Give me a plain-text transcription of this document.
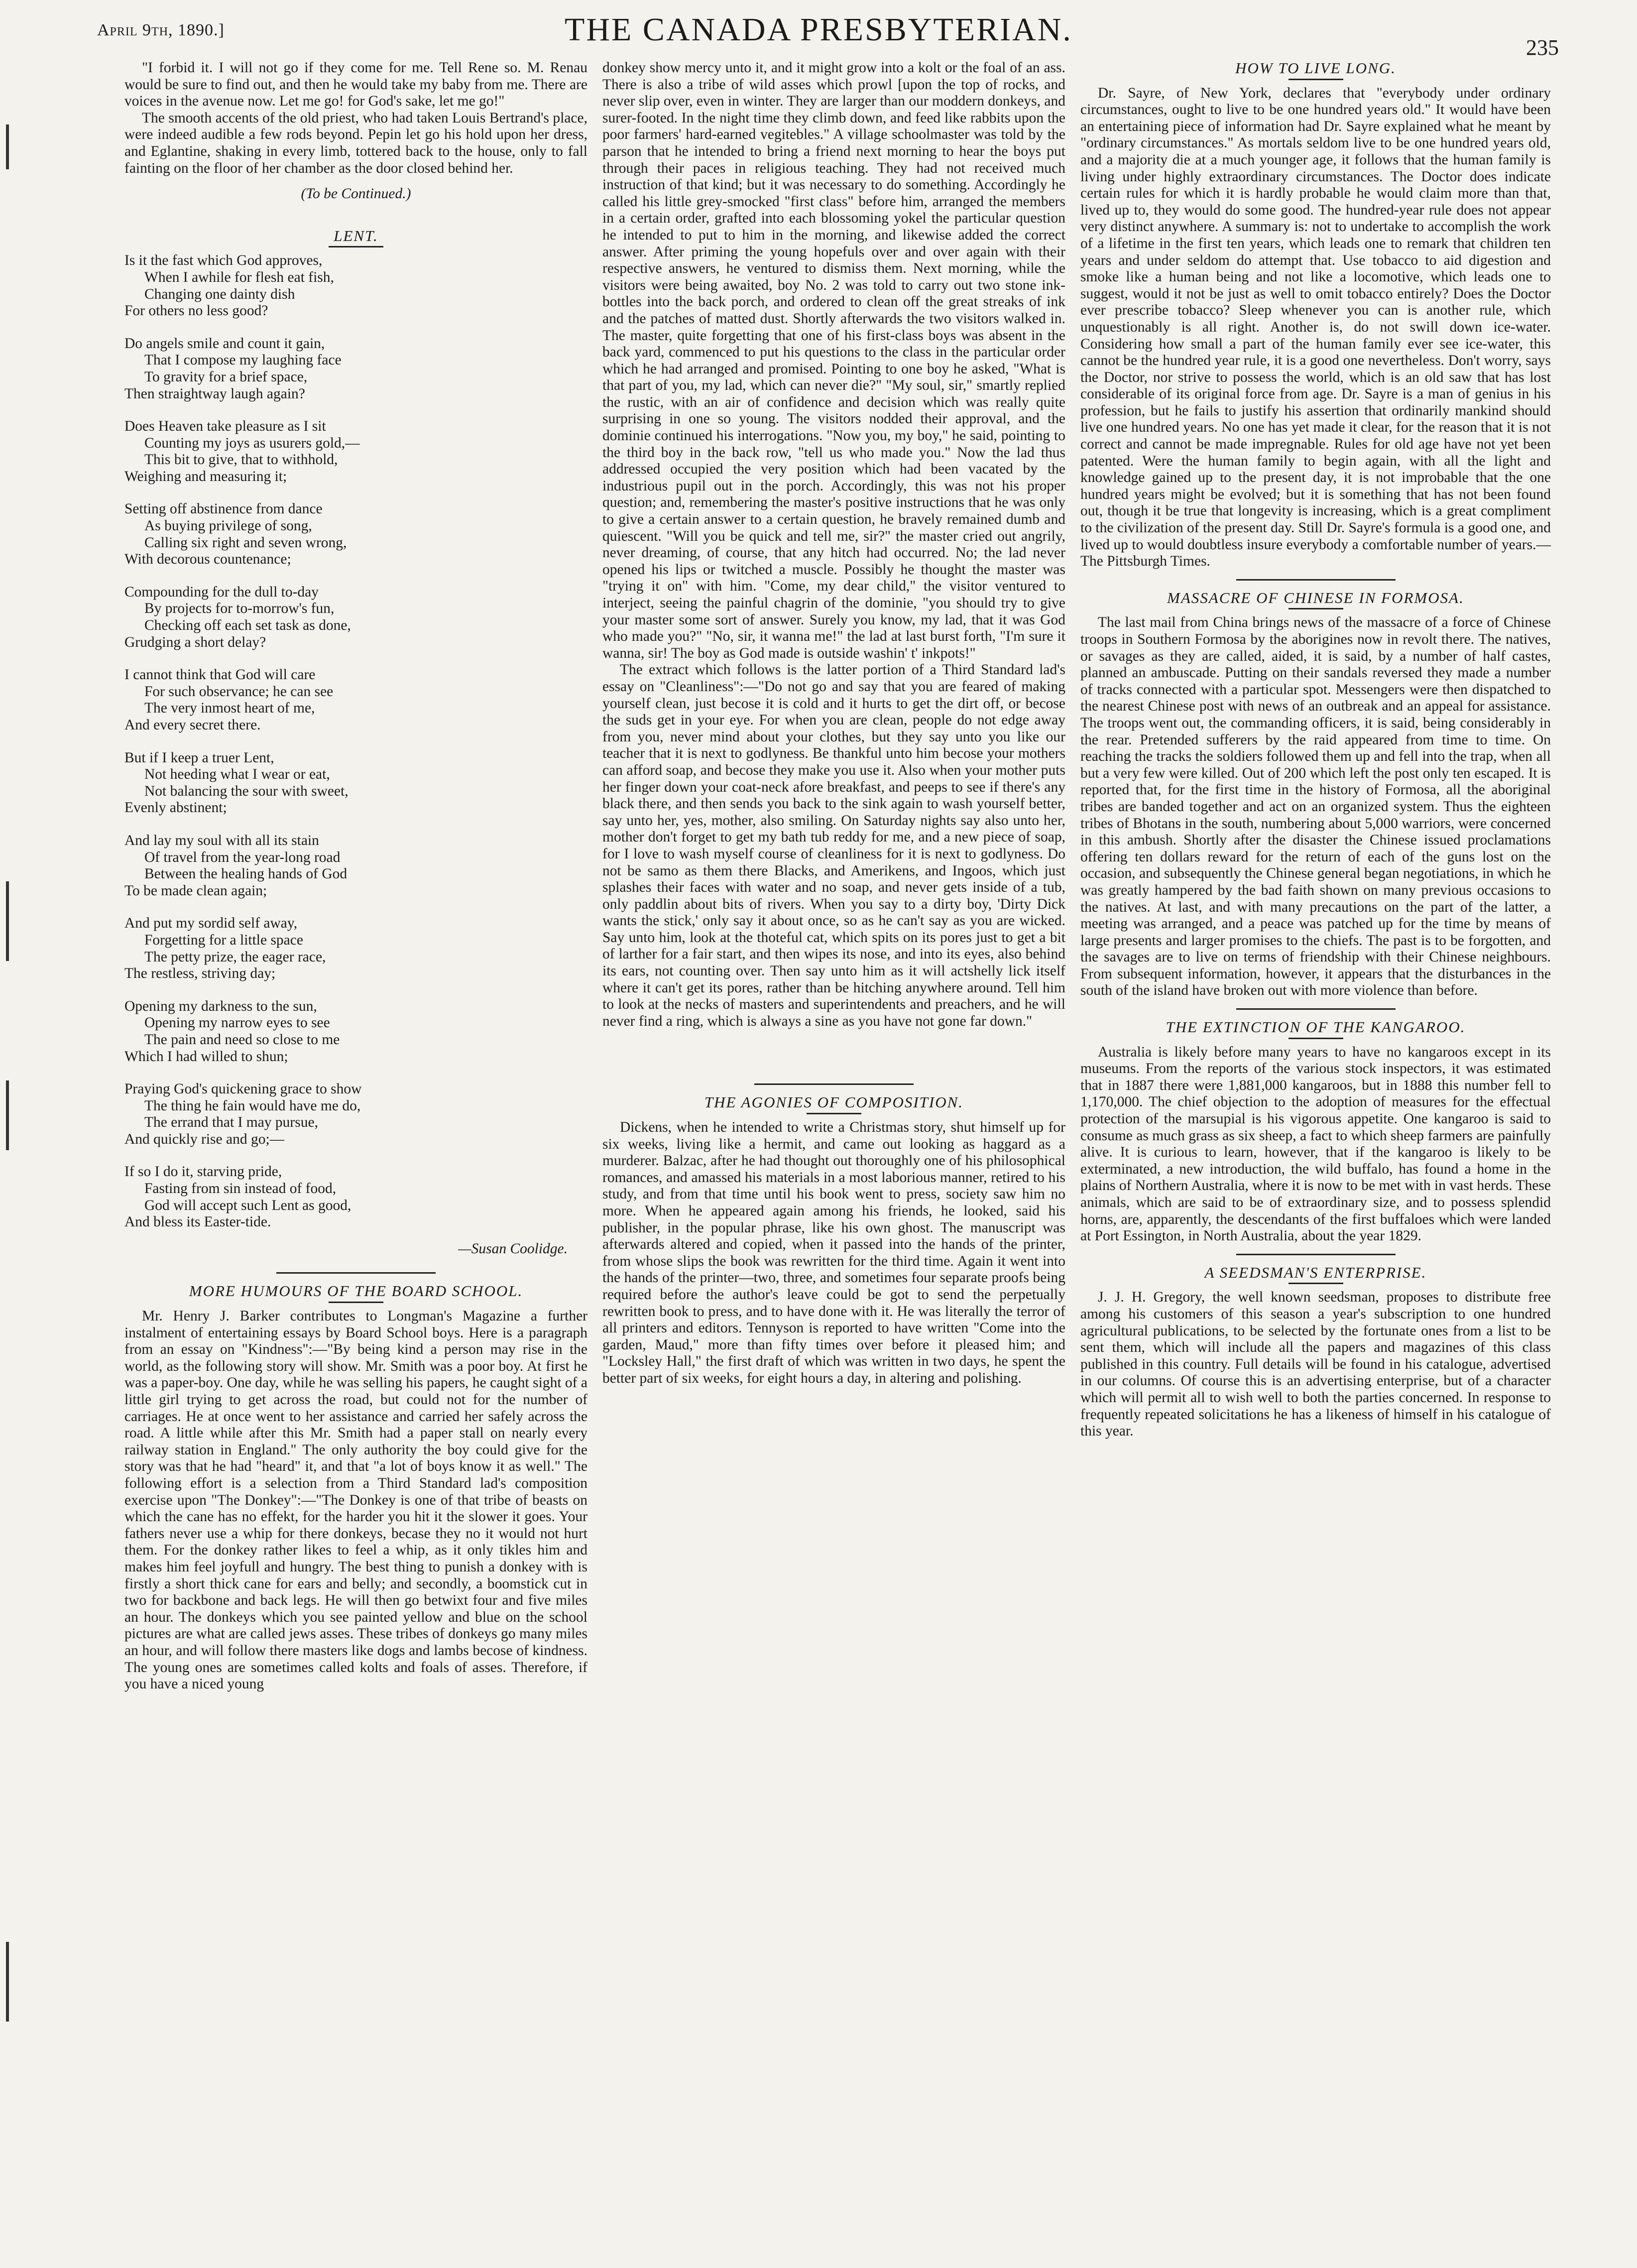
April 9th, 1890.]	THE CANADA PRESBYTERIAN.	235

"I forbid it. I will not go if they come for me. Tell Rene so. M. Renau would be sure to find out, and then he would take my baby from me. There are voices in the avenue now. Let me go! for God's sake, let me go!"

The smooth accents of the old priest, who had taken Louis Bertrand's place, were indeed audible a few rods beyond. Pepin let go his hold upon her dress, and Eglantine, shaking in every limb, tottered back to the house, only to fall fainting on the floor of her chamber as the door closed behind her.

(To be Continued.)

LENT.

Is it the fast which God approves,
When I awhile for flesh eat fish,
Changing one dainty dish
For others no less good?
Do angels smile and count it gain,
That I compose my laughing face
To gravity for a brief space,
Then straightway laugh again?
Does Heaven take pleasure as I sit
Counting my joys as usurers gold,—
This bit to give, that to withhold,
Weighing and measuring it;
Setting off abstinence from dance
As buying privilege of song,
Calling six right and seven wrong,
With decorous countenance;
Compounding for the dull to-day
By projects for to-morrow's fun,
Checking off each set task as done,
Grudging a short delay?
I cannot think that God will care
For such observance; he can see
The very inmost heart of me,
And every secret there.
But if I keep a truer Lent,
Not heeding what I wear or eat,
Not balancing the sour with sweet,
Evenly abstinent;
And lay my soul with all its stain
Of travel from the year-long road
Between the healing hands of God
To be made clean again;
And put my sordid self away,
Forgetting for a little space
The petty prize, the eager race,
The restless, striving day;
Opening my darkness to the sun,
Opening my narrow eyes to see
The pain and need so close to me
Which I had willed to shun;
Praying God's quickening grace to show
The thing he fain would have me do,
The errand that I may pursue,
And quickly rise and go;—
If so I do it, starving pride,
Fasting from sin instead of food,
God will accept such Lent as good,
And bless its Easter-tide.

—Susan Coolidge.

MORE HUMOURS OF THE BOARD SCHOOL.

Mr. Henry J. Barker contributes to Longman's Magazine a further instalment of entertaining essays by Board School boys. Here is a paragraph from an essay on "Kindness":—"By being kind a person may rise in the world, as the following story will show. Mr. Smith was a poor boy. At first he was a paper-boy. One day, while he was selling his papers, he caught sight of a little girl trying to get across the road, but could not for the number of carriages. He at once went to her assistance and carried her safely across the road. A little while after this Mr. Smith had a paper stall on nearly every railway station in England." The only authority the boy could give for the story was that he had "heard" it, and that "a lot of boys know it as well." The following effort is a selection from a Third Standard lad's composition exercise upon "The Donkey":—"The Donkey is one of that tribe of beasts on which the cane has no effekt, for the harder you hit it the slower it goes. Your fathers never use a whip for there donkeys, becase they no it would not hurt them. For the donkey rather likes to feel a whip, as it only tikles him and makes him feel joyfull and hungry. The best thing to punish a donkey with is firstly a short thick cane for ears and belly; and secondly, a boomstick cut in two for backbone and back legs. He will then go betwixt four and five miles an hour. The donkeys which you see painted yellow and blue on the school pictures are what are called jews asses. These tribes of donkeys go many miles an hour, and will follow there masters like dogs and lambs becose of kindness. The young ones are sometimes called kolts and foals of asses. Therefore, if you have a niced young

donkey show mercy unto it, and it might grow into a kolt or the foal of an ass. There is also a tribe of wild asses which prowl [upon the top of rocks, and never slip over, even in winter. They are larger than our moddern donkeys, and surer-footed. In the night time they climb down, and feed like rabbits upon the poor farmers' hard-earned vegitebles." A village schoolmaster was told by the parson that he intended to bring a friend next morning to hear the boys put through their paces in religious teaching. They had not received much instruction of that kind; but it was necessary to do something. Accordingly he called his little grey-smocked "first class" before him, arranged the members in a certain order, grafted into each blossoming yokel the particular question he intended to put to him in the morning, and likewise added the correct answer. After priming the young hopefuls over and over again with their respective answers, he ventured to dismiss them. Next morning, while the visitors were being awaited, boy No. 2 was told to carry out two stone ink-bottles into the back porch, and ordered to clean off the great streaks of ink and the patches of matted dust. Shortly afterwards the two visitors walked in. The master, quite forgetting that one of his first-class boys was absent in the back yard, commenced to put his questions to the class in the particular order which he had arranged and promised. Pointing to one boy he asked, "What is that part of you, my lad, which can never die?" "My soul, sir," smartly replied the rustic, with an air of confidence and decision which was really quite surprising in one so young. The visitors nodded their approval, and the dominie continued his interrogations. "Now you, my boy," he said, pointing to the third boy in the back row, "tell us who made you." Now the lad thus addressed occupied the very position which had been vacated by the industrious pupil out in the porch. Accordingly, this was not his proper question; and, remembering the master's positive instructions that he was only to give a certain answer to a certain question, he bravely remained dumb and quiescent. "Will you be quick and tell me, sir?" the master cried out angrily, never dreaming, of course, that any hitch had occurred. No; the lad never opened his lips or twitched a muscle. Possibly he thought the master was "trying it on" with him. "Come, my dear child," the visitor ventured to interject, seeing the painful chagrin of the dominie, "you should try to give your master some sort of answer. Surely you know, my lad, that it was God who made you?" "No, sir, it wanna me!" the lad at last burst forth, "I'm sure it wanna, sir! The boy as God made is outside washin' t' inkpots!"

The extract which follows is the latter portion of a Third Standard lad's essay on "Cleanliness":—"Do not go and say that you are feared of making yourself clean, just becose it is cold and it hurts to get the dirt off, or becose the suds get in your eye. For when you are clean, people do not edge away from you, never mind about your clothes, but they say unto you like our teacher that it is next to godlyness. Be thankful unto him becose your mothers can afford soap, and becose they make you use it. Also when your mother puts her finger down your coat-neck afore breakfast, and peeps to see if there's any black there, and then sends you back to the sink again to wash yourself better, say unto her, yes, mother, also smiling. On Saturday nights say also unto her, mother don't forget to get my bath tub reddy for me, and a new piece of soap, for I love to wash myself course of cleanliness for it is next to godlyness. Do not be samo as them there Blacks, and Amerikens, and Ingoos, which just splashes their faces with water and no soap, and never gets inside of a tub, only paddlin about bits of rivers. When you say to a dirty boy, 'Dirty Dick wants the stick,' only say it about once, so as he can't say as you are wicked. Say unto him, look at the thoteful cat, which spits on its pores just to get a bit of larther for a fair start, and then wipes its nose, and into its eyes, also behind its ears, not counting over. Then say unto him as it will actshelly lick itself where it can't get its pores, rather than be hitching anywhere around. Tell him to look at the necks of masters and superintendents and preachers, and he will never find a ring, which is always a sine as you have not gone far down."

THE AGONIES OF COMPOSITION.

Dickens, when he intended to write a Christmas story, shut himself up for six weeks, living like a hermit, and came out looking as haggard as a murderer. Balzac, after he had thought out thoroughly one of his philosophical romances, and amassed his materials in a most laborious manner, retired to his study, and from that time until his book went to press, society saw him no more. When he appeared again among his friends, he looked, said his publisher, in the popular phrase, like his own ghost. The manuscript was afterwards altered and copied, when it passed into the hands of the printer, from whose slips the book was rewritten for the third time. Again it went into the hands of the printer—two, three, and sometimes four separate proofs being required before the author's leave could be got to send the perpetually rewritten book to press, and to have done with it. He was literally the terror of all printers and editors. Tennyson is reported to have written "Come into the garden, Maud," more than fifty times over before it pleased him; and "Locksley Hall," the first draft of which was written in two days, he spent the better part of six weeks, for eight hours a day, in altering and polishing.

HOW TO LIVE LONG.

Dr. Sayre, of New York, declares that "everybody under ordinary circumstances, ought to live to be one hundred years old." It would have been an entertaining piece of information had Dr. Sayre explained what he meant by "ordinary circumstances." As mortals seldom live to be one hundred years old, and a majority die at a much younger age, it follows that the human family is living under highly extraordinary circumstances. The Doctor does indicate certain rules for which it is hardly probable he would claim more than that, lived up to, they would do some good. The hundred-year rule does not appear very distinct anywhere. A summary is: not to undertake to accomplish the work of a lifetime in the first ten years, which leads one to remark that children ten years and under seldom do attempt that. Use tobacco to aid digestion and smoke like a human being and not like a locomotive, which leads one to suggest, would it not be just as well to omit tobacco entirely? Does the Doctor ever prescribe tobacco? Sleep whenever you can is another rule, which unquestionably is all right. Another is, do not swill down ice-water. Considering how small a part of the human family ever see ice-water, this cannot be the hundred year rule, it is a good one nevertheless. Don't worry, says the Doctor, nor strive to possess the world, which is an old saw that has lost considerable of its original force from age. Dr. Sayre is a man of genius in his profession, but he fails to justify his assertion that ordinarily mankind should live one hundred years. No one has yet made it clear, for the reason that it is not correct and cannot be made impregnable. Rules for old age have not yet been patented. Were the human family to begin again, with all the light and knowledge gained up to the present day, it is not improbable that the one hundred years might be evolved; but it is something that has not been found out, though it be true that longevity is increasing, which is a great compliment to the civilization of the present day. Still Dr. Sayre's formula is a good one, and lived up to would doubtless insure everybody a comfortable number of years.—The Pittsburgh Times.

MASSACRE OF CHINESE IN FORMOSA.

The last mail from China brings news of the massacre of a force of Chinese troops in Southern Formosa by the aborigines now in revolt there. The natives, or savages as they are called, aided, it is said, by a number of half castes, planned an ambuscade. Putting on their sandals reversed they made a number of tracks connected with a particular spot. Messengers were then dispatched to the nearest Chinese post with news of an outbreak and an appeal for assistance. The troops went out, the commanding officers, it is said, being considerably in the rear. Pretended sufferers by the raid appeared from time to time. On reaching the tracks the soldiers followed them up and fell into the trap, when all but a very few were killed. Out of 200 which left the post only ten escaped. It is reported that, for the first time in the history of Formosa, all the aboriginal tribes are banded together and act on an organized system. Thus the eighteen tribes of Bhotans in the south, numbering about 5,000 warriors, were concerned in this ambush. Shortly after the disaster the Chinese issued proclamations offering ten dollars reward for the return of each of the guns lost on the occasion, and subsequently the Chinese general began negotiations, in which he was greatly hampered by the bad faith shown on many previous occasions to the natives. At last, and with many precautions on the part of the latter, a meeting was arranged, and a peace was patched up for the time by means of large presents and larger promises to the chiefs. The past is to be forgotten, and the savages are to live on terms of friendship with their Chinese neighbours. From subsequent information, however, it appears that the disturbances in the south of the island have broken out with more violence than before.

THE EXTINCTION OF THE KANGAROO.

Australia is likely before many years to have no kangaroos except in its museums. From the reports of the various stock inspectors, it was estimated that in 1887 there were 1,881,000 kangaroos, but in 1888 this number fell to 1,170,000. The chief objection to the adoption of measures for the effectual protection of the marsupial is his vigorous appetite. One kangaroo is said to consume as much grass as six sheep, a fact to which sheep farmers are painfully alive. It is curious to learn, however, that if the kangaroo is likely to be exterminated, a new introduction, the wild buffalo, has found a home in the plains of Northern Australia, where it is now to be met with in vast herds. These animals, which are said to be of extraordinary size, and to possess splendid horns, are, apparently, the descendants of the first buffaloes which were landed at Port Essington, in North Australia, about the year 1829.

A SEEDSMAN'S ENTERPRISE.

J. J. H. Gregory, the well known seedsman, proposes to distribute free among his customers of this season a year's subscription to one hundred agricultural publications, to be selected by the fortunate ones from a list to be sent them, which will include all the papers and magazines of this class published in this country. Full details will be found in his catalogue, advertised in our columns. Of course this is an advertising enterprise, but of a character which will permit all to wish well to both the parties concerned. In response to frequently repeated solicitations he has a likeness of himself in his catalogue of this year.
